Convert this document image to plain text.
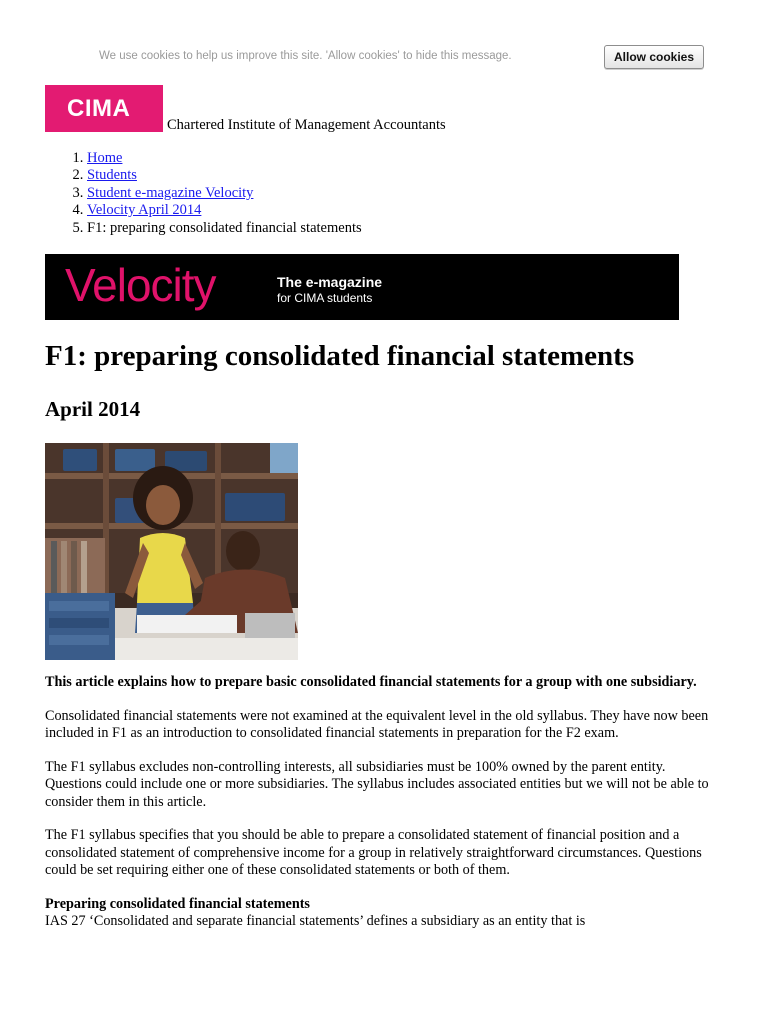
We use cookies to help us improve this site. 'Allow cookies' to hide this message.	Allow cookies
CIMA
Chartered Institute of Management Accountants
1. Home
2. Students
3. Student e-magazine Velocity
4. Velocity April 2014
5. F1: preparing consolidated financial statements
Velocity	The e-magazine
for CIMA students
F1: preparing consolidated financial statements
April 2014

This article explains how to prepare basic consolidated financial statements for a group with one subsidiary.

Consolidated financial statements were not examined at the equivalent level in the old syllabus. They have now been included in F1 as an introduction to consolidated financial statements in preparation for the F2 exam.

The F1 syllabus excludes non-controlling interests, all subsidiaries must be 100% owned by the parent entity. Questions could include one or more subsidiaries. The syllabus includes associated entities but we will not be able to consider them in this article.

The F1 syllabus specifies that you should be able to prepare a consolidated statement of financial position and a consolidated statement of comprehensive income for a group in relatively straightforward circumstances. Questions could be set requiring either one of these consolidated statements or both of them.

Preparing consolidated financial statements

IAS 27 ‘Consolidated and separate financial statements’ defines a subsidiary as an entity that is
